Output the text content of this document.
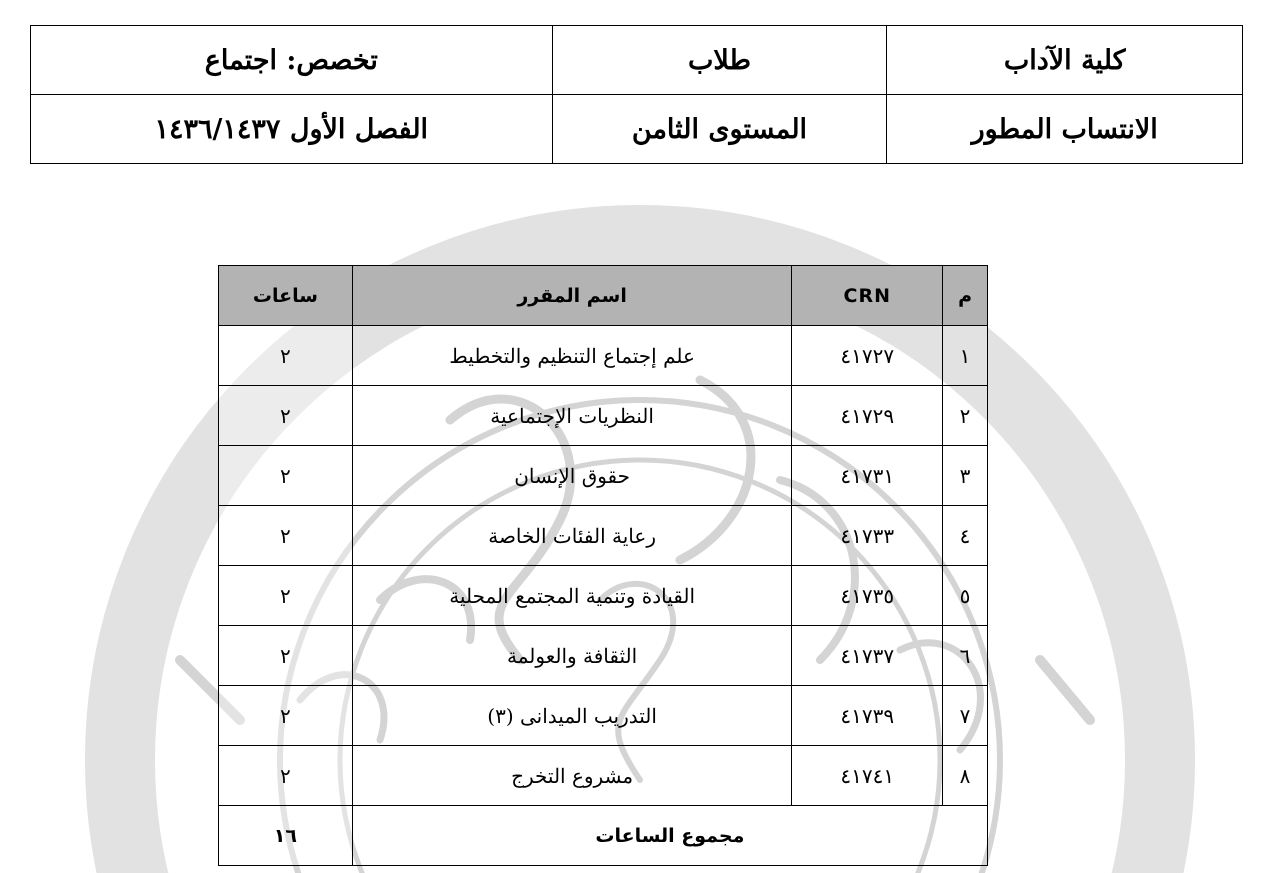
كلية الآداب	طلاب	تخصص: اجتماع
الانتساب المطور	المستوى الثامن	الفصل الأول ١٤٣٦/١٤٣٧
م	CRN	اسم المقرر	ساعات
١	٤١٧٢٧	علم إجتماع التنظيم والتخطيط	٢
٢	٤١٧٢٩	النظريات الإجتماعية	٢
٣	٤١٧٣١	حقوق الإنسان	٢
٤	٤١٧٣٣	رعاية الفئات الخاصة	٢
٥	٤١٧٣٥	القيادة وتنمية المجتمع المحلية	٢
٦	٤١٧٣٧	الثقافة والعولمة	٢
٧	٤١٧٣٩	التدريب الميدانى (٣)	٢
٨	٤١٧٤١	مشروع التخرج	٢
مجموع الساعات			١٦
